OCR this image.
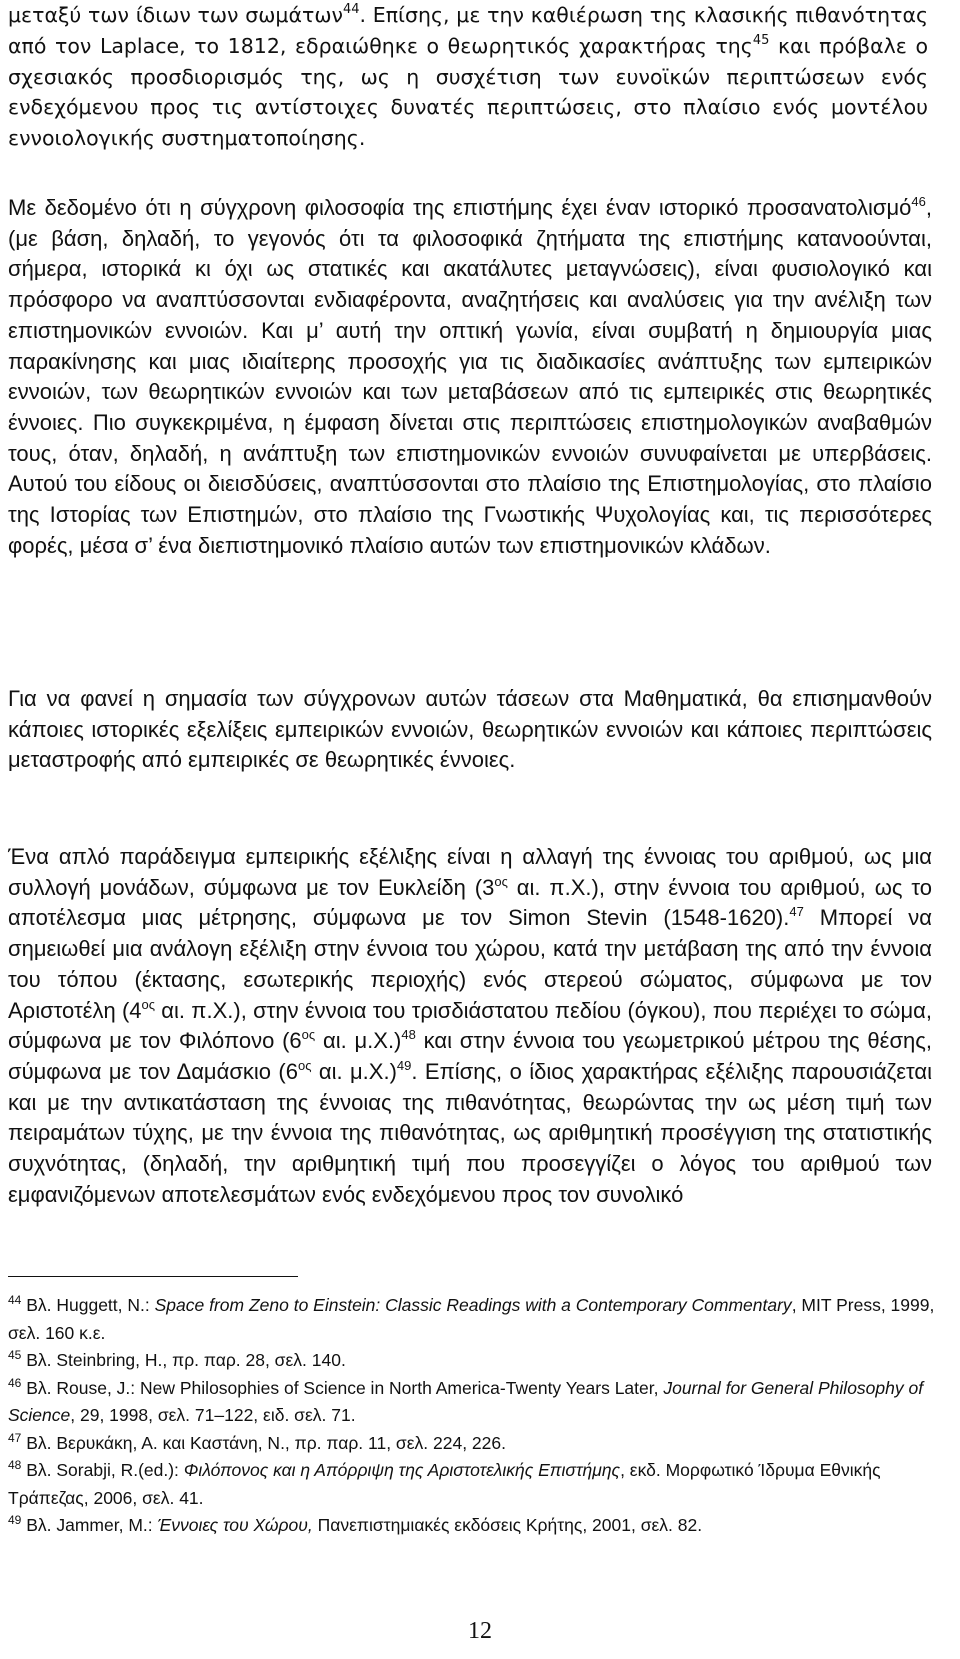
μεταξύ των ίδιων των σωμάτων$^{44}$. Επίσης, με την καθιέρωση της κλασικής πιθανότητας από τον Laplace, το 1812, εδραιώθηκε ο θεωρητικός χαρακτήρας της$^{45}$ και πρόβαλε ο σχεσιακός προσδιορισμός της, ως η συσχέτιση των ευνοϊκών περιπτώσεων ενός ενδεχόμενου προς τις αντίστοιχες δυνατές περιπτώσεις, στο πλαίσιο ενός μοντέλου εννοιολογικής συστηματοποίησης.

Με δεδομένο ότι η σύγχρονη φιλοσοφία της επιστήμης έχει έναν ιστορικό προσανατολισμό$^{46}$, (με βάση, δηλαδή, το γεγονός ότι τα φιλοσοφικά ζητήματα της επιστήμης κατανοούνται, σήμερα, ιστορικά κι όχι ως στατικές και ακατάλυτες μεταγνώσεις), είναι φυσιολογικό και πρόσφορο να αναπτύσσονται ενδιαφέροντα, αναζητήσεις και αναλύσεις για την ανέλιξη των επιστημονικών εννοιών. Και μ’ αυτή την οπτική γωνία, είναι συμβατή η δημιουργία μιας παρακίνησης και μιας ιδιαίτερης προσοχής για τις διαδικασίες ανάπτυξης των εμπειρικών εννοιών, των θεωρητικών εννοιών και των μεταβάσεων από τις εμπειρικές στις θεωρητικές έννοιες. Πιο συγκεκριμένα, η έμφαση δίνεται στις περιπτώσεις επιστημολογικών αναβαθμών τους, όταν, δηλαδή, η ανάπτυξη των επιστημονικών εννοιών συνυφαίνεται με υπερβάσεις. Αυτού του είδους οι διεισδύσεις, αναπτύσσονται στο πλαίσιο της Επιστημολογίας, στο πλαίσιο της Ιστορίας των Επιστημών, στο πλαίσιο της Γνωστικής Ψυχολογίας και, τις περισσότερες φορές, μέσα σ’ ένα διεπιστημονικό πλαίσιο αυτών των επιστημονικών κλάδων.

Για να φανεί η σημασία των σύγχρονων αυτών τάσεων στα Μαθηματικά, θα επισημανθούν κάποιες ιστορικές εξελίξεις εμπειρικών εννοιών, θεωρητικών εννοιών και κάποιες περιπτώσεις μεταστροφής από εμπειρικές σε θεωρητικές έννοιες.

Ένα απλό παράδειγμα εμπειρικής εξέλιξης είναι η αλλαγή της έννοιας του αριθμού, ως μια συλλογή μονάδων, σύμφωνα με τον Ευκλείδη ($3^{o\varsigma}$ αι. π.Χ.), στην έννοια του αριθμού, ως το αποτέλεσμα μιας μέτρησης, σύμφωνα με τον Simon Stevin (1548-1620).$^{47}$ Μπορεί να σημειωθεί μια ανάλογη εξέλιξη στην έννοια του χώρου, κατά την μετάβαση της από την έννοια του τόπου (έκτασης, εσωτερικής περιοχής) ενός στερεού σώματος, σύμφωνα με τον Αριστοτέλη ($4^{o\varsigma}$ αι. π.Χ.), στην έννοια του τρισδιάστατου πεδίου (όγκου), που περιέχει το σώμα, σύμφωνα με τον Φιλόπονο ($6^{o\varsigma}$ αι. μ.Χ.)$^{48}$ και στην έννοια του γεωμετρικού μέτρου της θέσης, σύμφωνα με τον Δαμάσκιο ($6^{o\varsigma}$ αι. μ.Χ.)$^{49}$. Επίσης, ο ίδιος χαρακτήρας εξέλιξης παρουσιάζεται και με την αντικατάσταση της έννοιας της πιθανότητας, θεωρώντας την ως μέση τιμή των πειραμάτων τύχης, με την έννοια της πιθανότητας, ως αριθμητική προσέγγιση της στατιστικής συχνότητας, (δηλαδή, την αριθμητική τιμή που προσεγγίζει ο λόγος του αριθμού των εμφανιζόμενων αποτελεσμάτων ενός ενδεχόμενου προς τον συνολικό

$^{44}$ Βλ. Huggett, N.: Space from Zeno to Einstein: Classic Readings with a Contemporary Commentary, MIT Press, 1999, σελ. 160 κ.ε.

$^{45}$ Βλ. Steinbring, H., πρ. παρ. 28, σελ. 140.

$^{46}$ Βλ. Rouse, J.: New Philosophies of Science in North America-Twenty Years Later, Journal for General Philosophy of Science, 29, 1998, σελ. 71–122, ειδ. σελ. 71.

$^{47}$ Βλ. Βερυκάκη, Α. και Καστάνη, Ν., πρ. παρ. 11, σελ. 224, 226.

$^{48}$ Βλ. Sorabji, R.(ed.): Φιλόπονος και η Απόρριψη της Αριστοτελικής Επιστήμης, εκδ. Μορφωτικό Ίδρυμα Εθνικής Τράπεζας, 2006, σελ. 41.

$^{49}$ Βλ. Jammer, M.: Έννοιες του Χώρου, Πανεπιστημιακές εκδόσεις Κρήτης, 2001, σελ. 82.

12
